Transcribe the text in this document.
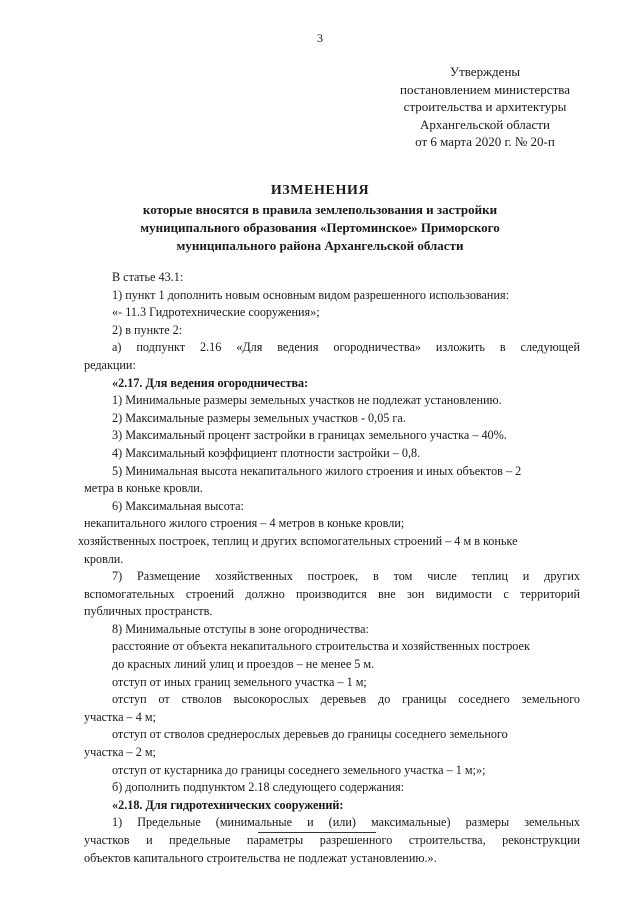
3
Утверждены
постановлением министерства
строительства и архитектуры
Архангельской области
от 6 марта 2020 г. № 20-п
ИЗМЕНЕНИЯ
которые вносятся в правила землепользования и застройки
муниципального образования «Пертоминское» Приморского
муниципального района Архангельской области
В статье 43.1:
1) пункт 1 дополнить новым основным видом разрешенного использования:
«- 11.3 Гидротехнические сооружения»;
2) в пункте 2:
а) подпункт 2.16 «Для ведения огородничества» изложить в следующей
редакции:
«2.17. Для ведения огородничества:
1) Минимальные размеры земельных участков не подлежат установлению.
2) Максимальные размеры земельных участков - 0,05 га.
3) Максимальный процент застройки в границах земельного участка – 40%.
4) Максимальный коэффициент плотности застройки – 0,8.
5) Минимальная высота некапитального жилого строения и иных объектов – 2
метра в коньке кровли.
6) Максимальная высота:
некапитального жилого строения – 4 метров в коньке кровли;
хозяйственных построек, теплиц и других вспомогательных строений – 4 м в коньке
кровли.
7) Размещение хозяйственных построек, в том числе теплиц и других
вспомогательных строений должно производится вне зон видимости с территорий
публичных пространств.
8) Минимальные отступы в зоне огородничества:
расстояние от объекта некапитального строительства и хозяйственных построек
до красных линий улиц и проездов – не менее 5 м.
отступ от иных границ земельного участка – 1 м;
отступ от стволов высокорослых деревьев до границы соседнего земельного
участка – 4 м;
отступ от стволов среднерослых деревьев до границы соседнего земельного
участка – 2 м;
отступ от кустарника до границы соседнего земельного участка – 1 м;»;
б) дополнить подпунктом 2.18 следующего содержания:
«2.18. Для гидротехнических сооружений:
1) Предельные (минимальные и (или) максимальные) размеры земельных
участков и предельные параметры разрешенного строительства, реконструкции
объектов капитального строительства не подлежат установлению.».
